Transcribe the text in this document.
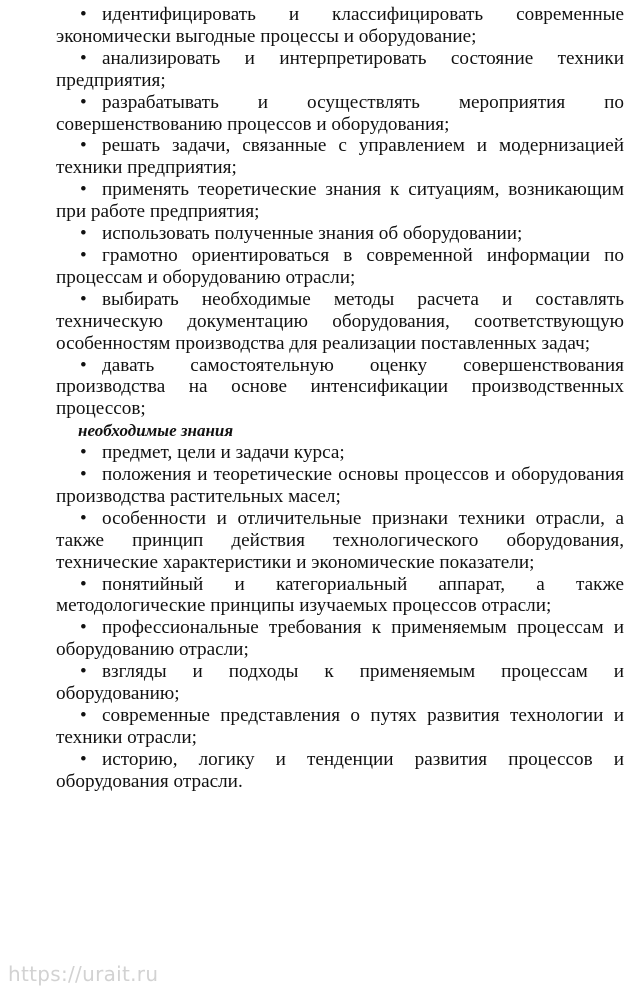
• идентифицировать и классифицировать современные экономически выгодные процессы и оборудование;

• анализировать и интерпретировать состояние техники предприятия;

• разрабатывать и осуществлять мероприятия по совершенствованию процессов и оборудования;

• решать задачи, связанные с управлением и модернизацией техники предприятия;

• применять теоретические знания к ситуациям, возникающим при работе предприятия;

• использовать полученные знания об оборудовании;

• грамотно ориентироваться в современной информации по процессам и оборудованию отрасли;

• выбирать необходимые методы расчета и составлять техническую документацию оборудования, соответствующую особенностям производства для реализации поставленных задач;

• давать самостоятельную оценку совершенствования производства на основе интенсификации производственных процессов;

необходимые знания

• предмет, цели и задачи курса;

• положения и теоретические основы процессов и оборудования производства растительных масел;

• особенности и отличительные признаки техники отрасли, а также принцип действия технологического оборудования, технические характеристики и экономические показатели;

• понятийный и категориальный аппарат, а также методологические принципы изучаемых процессов отрасли;

• профессиональные требования к применяемым процессам и оборудованию отрасли;

• взгляды и подходы к применяемым процессам и оборудованию;

• современные представления о путях развития технологии и техники отрасли;

• историю, логику и тенденции развития процессов и оборудования отрасли.

https://urait.ru
